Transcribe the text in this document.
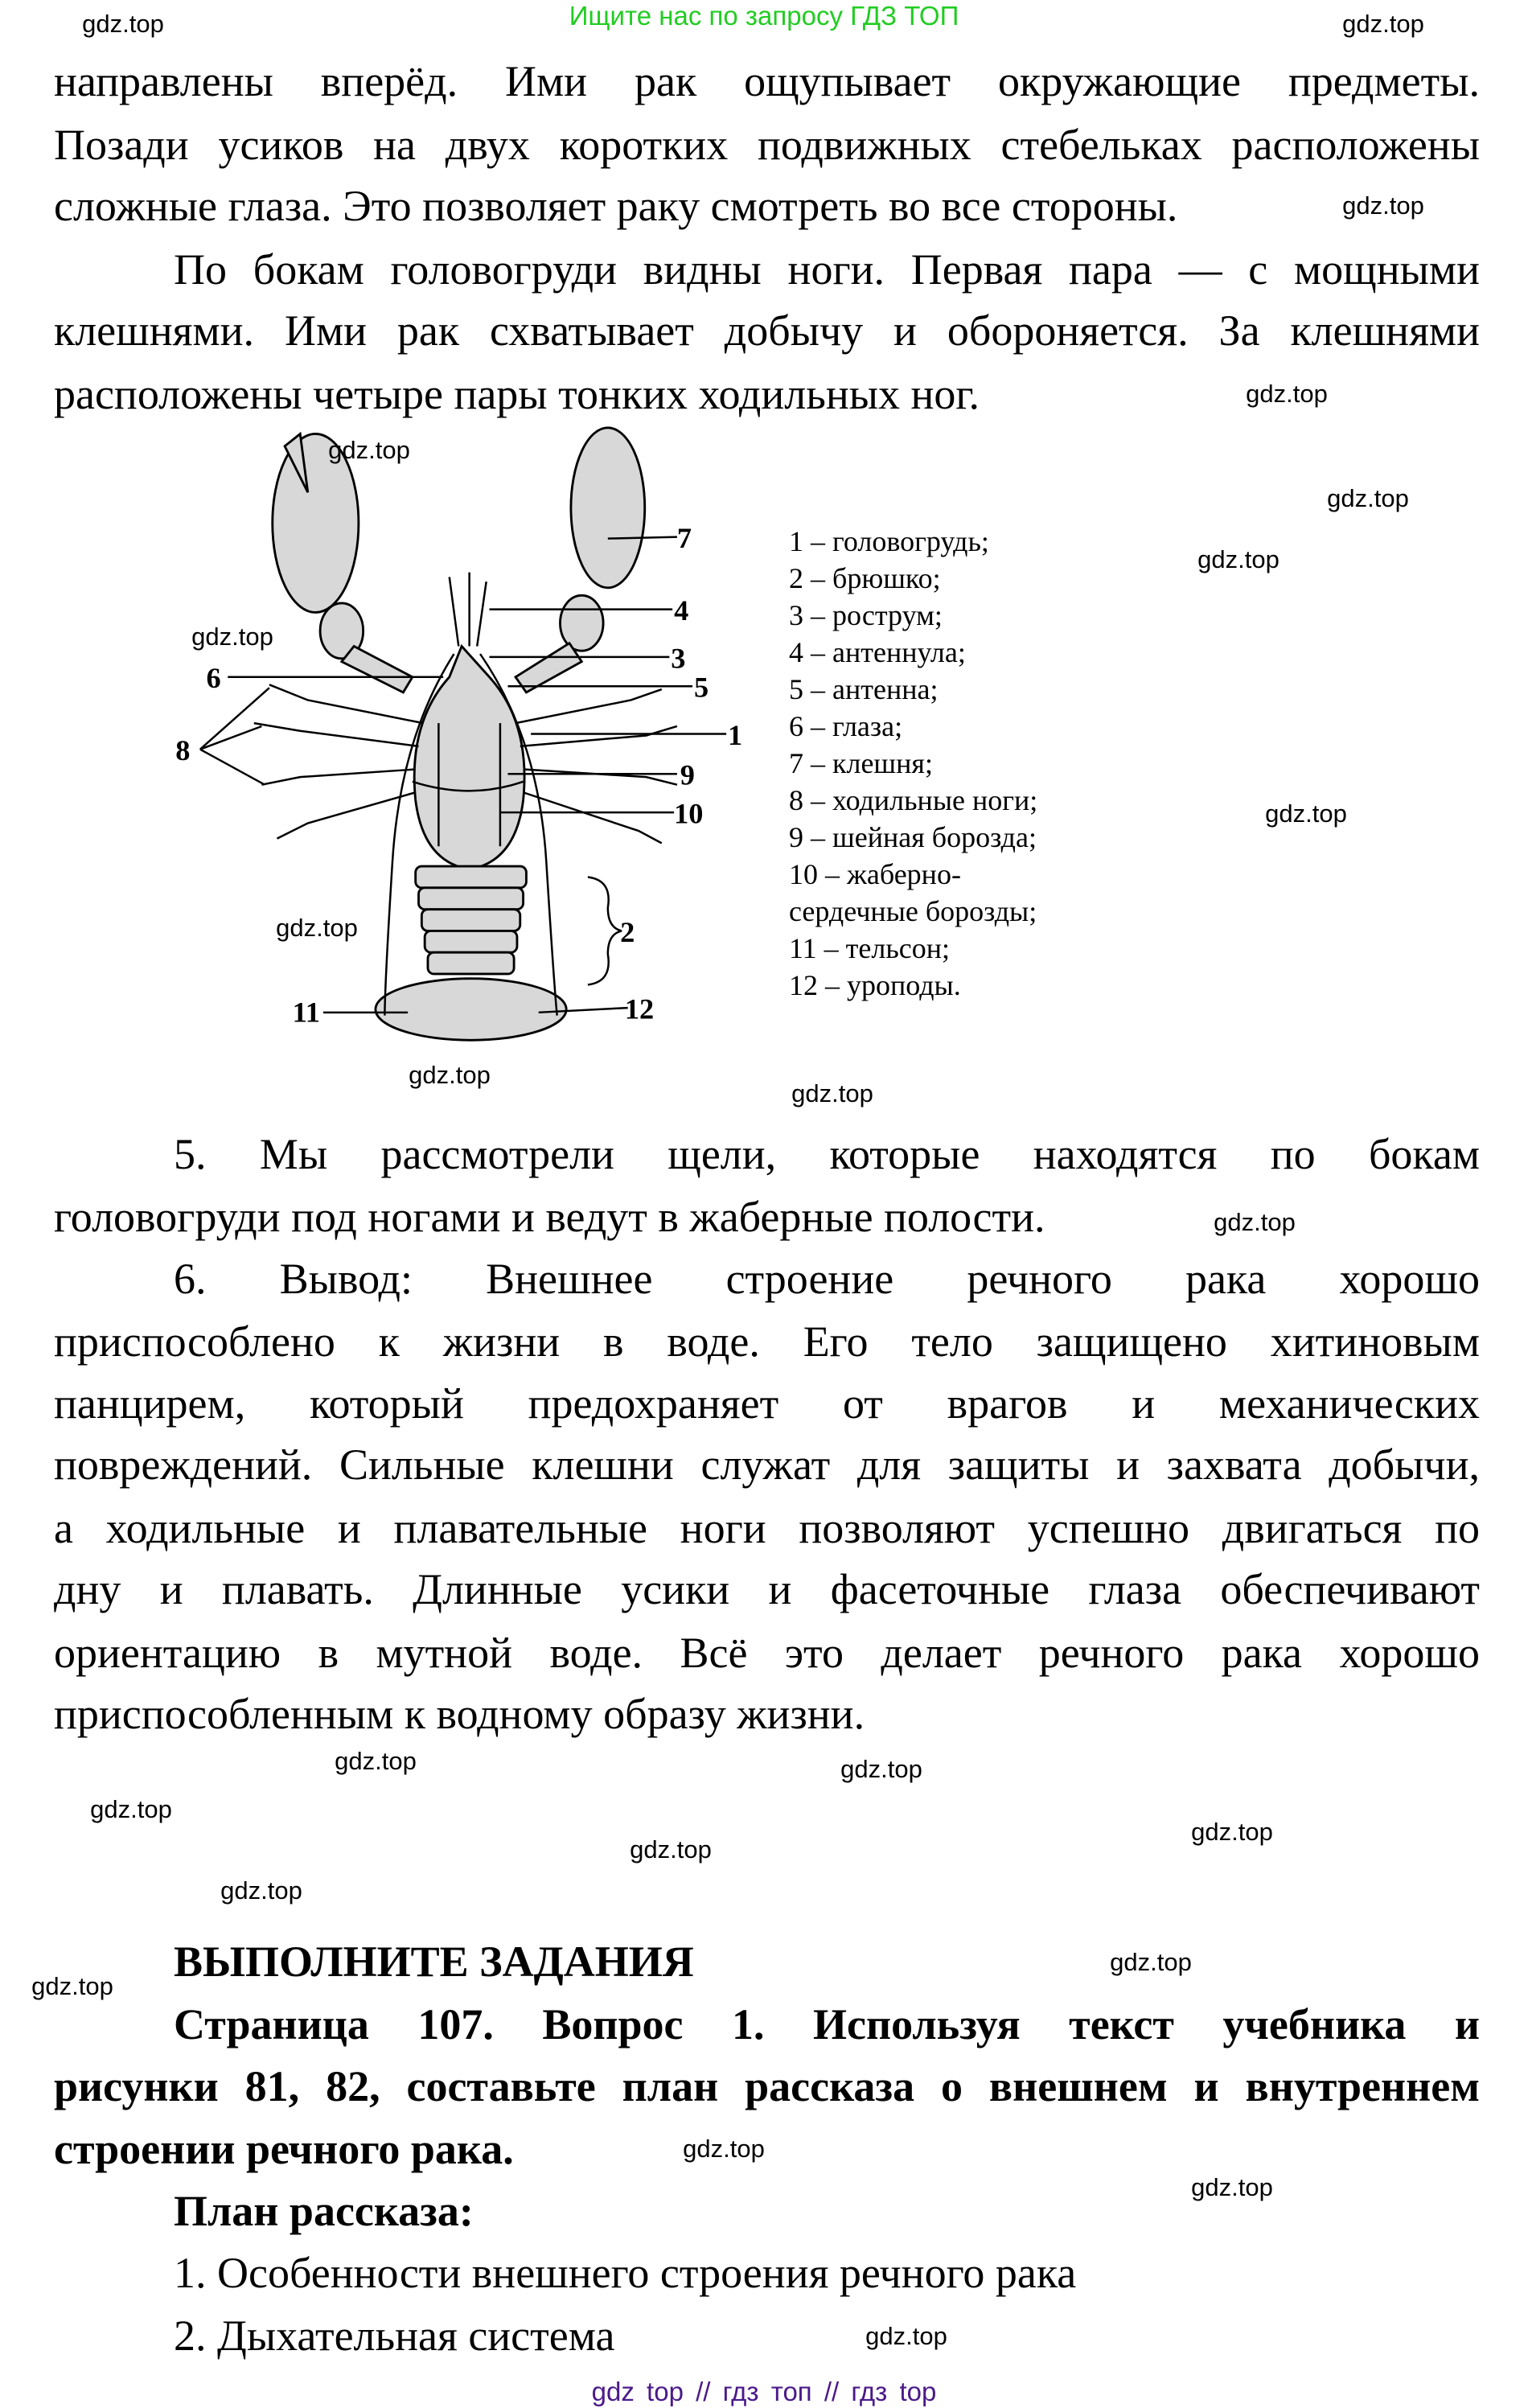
Ищите нас по запросу ГДЗ ТОП
направлены вперёд. Ими рак ощупывает окружающие предметы.
Позади усиков на двух коротких подвижных стебельках расположены
сложные глаза. Это позволяет раку смотреть во все стороны.
По бокам головогруди видны ноги. Первая пара — с мощными
клешнями. Ими рак схватывает добычу и обороняется. За клешнями
расположены четыре пары тонких ходильных ног.
7
4
3
5
1
9
10
6
8
2
11	12
1 – головогрудь;
2 – брюшко;
3 – рострум;
4 – антеннула;
5 – антенна;
6 – глаза;
7 – клешня;
8 – ходильные ноги;
9 – шейная борозда;
10 – жаберно-
сердечные борозды;
11 – тельсон;
12 – уроподы.
5. Мы рассмотрели щели, которые находятся по бокам
головогруди под ногами и ведут в жаберные полости.
6. Вывод: Внешнее строение речного рака хорошо
приспособлено к жизни в воде. Его тело защищено хитиновым
панцирем, который предохраняет от врагов и механических
повреждений. Сильные клешни служат для защиты и захвата добычи,
а ходильные и плавательные ноги позволяют успешно двигаться по
дну и плавать. Длинные усики и фасеточные глаза обеспечивают
ориентацию в мутной воде. Всё это делает речного рака хорошо
приспособленным к водному образу жизни.
ВЫПОЛНИТЕ ЗАДАНИЯ
Страница 107. Вопрос 1. Используя текст учебника и
рисунки 81, 82, составьте план рассказа о внешнем и внутреннем
строении речного рака.
План рассказа:
1. Особенности внешнего строения речного рака
2. Дыхательная система
gdz.top
gdz.top
gdz.top
gdz.top
gdz.top
gdz.top
gdz.top
gdz.top
gdz.top
gdz.top
gdz.top
gdz.top
gdz.top
gdz.top
gdz.top
gdz.top
gdz.top
gdz.top
gdz.top
gdz.top
gdz.top
gdz.top
gdz.top
gdz.top
gdz top // гдз топ // гдз top
